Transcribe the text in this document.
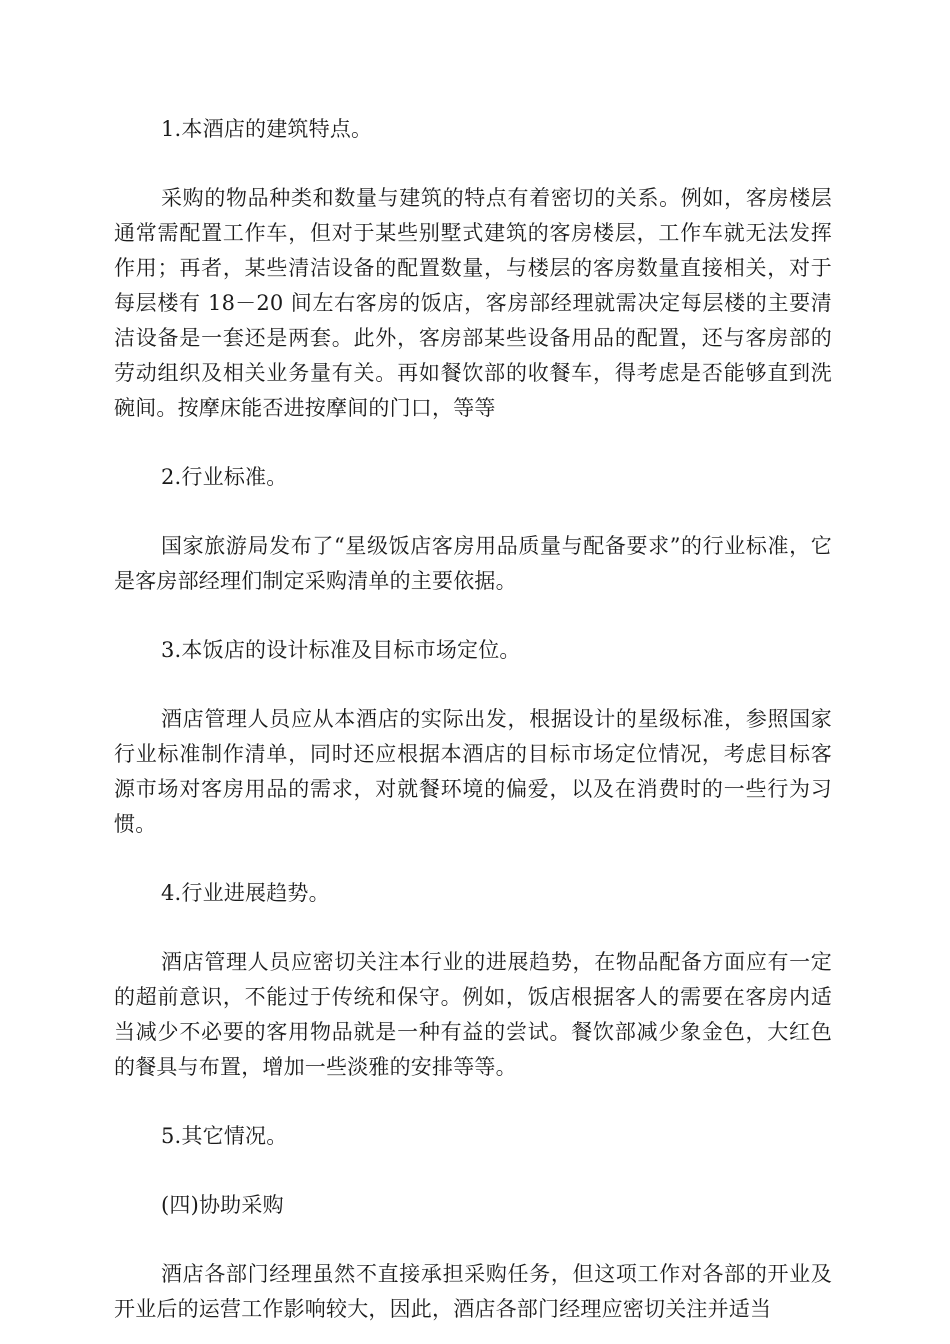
1.本酒店的建筑特点。

采购的物品种类和数量与建筑的特点有着密切的关系。例如，客房楼层通常需配置工作车，但对于某些别墅式建筑的客房楼层，工作车就无法发挥作用；再者，某些清洁设备的配置数量，与楼层的客房数量直接相关，对于每层楼有 18－20 间左右客房的饭店，客房部经理就需决定每层楼的主要清洁设备是一套还是两套。此外，客房部某些设备用品的配置，还与客房部的劳动组织及相关业务量有关。再如餐饮部的收餐车，得考虑是否能够直到洗碗间。按摩床能否进按摩间的门口，等等

2.行业标准。

国家旅游局发布了“星级饭店客房用品质量与配备要求”的行业标准，它是客房部经理们制定采购清单的主要依据。

3.本饭店的设计标准及目标市场定位。

酒店管理人员应从本酒店的实际出发，根据设计的星级标准，参照国家行业标准制作清单，同时还应根据本酒店的目标市场定位情况，考虑目标客源市场对客房用品的需求，对就餐环境的偏爱，以及在消费时的一些行为习惯。

4.行业进展趋势。

酒店管理人员应密切关注本行业的进展趋势，在物品配备方面应有一定的超前意识，不能过于传统和保守。例如，饭店根据客人的需要在客房内适当减少不必要的客用物品就是一种有益的尝试。餐饮部减少象金色，大红色的餐具与布置，增加一些淡雅的安排等等。

5.其它情况。

(四)协助采购

酒店各部门经理虽然不直接承担采购任务，但这项工作对各部的开业及开业后的运营工作影响较大，因此，酒店各部门经理应密切关注并适当
